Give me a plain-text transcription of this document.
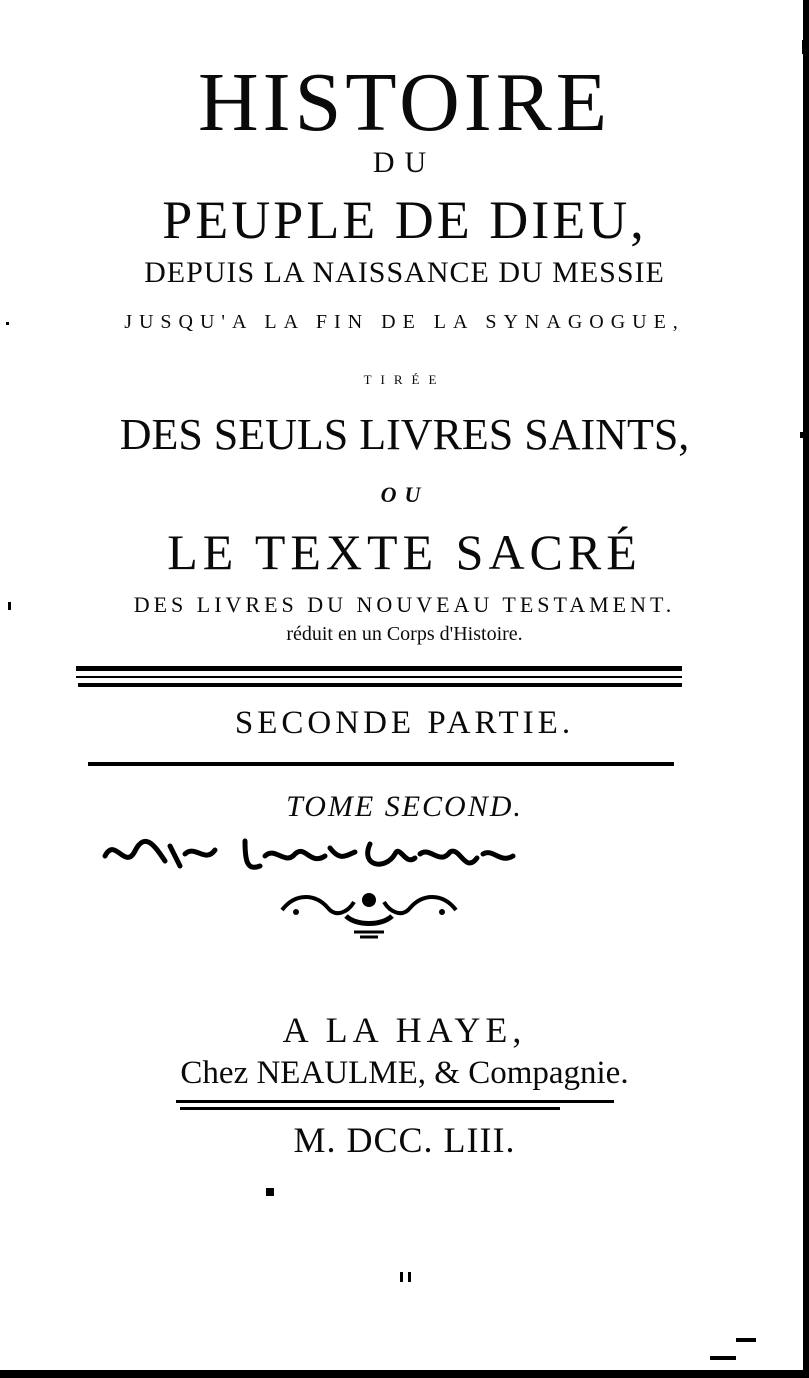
HISTOIRE
DU
PEUPLE DE DIEU,
DEPUIS LA NAISSANCE DU MESSIE
JUSQU'A LA FIN DE LA SYNAGOGUE,
TIRÉE
DES SEULS LIVRES SAINTS,
OU
LE TEXTE SACRÉ
DES LIVRES DU NOUVEAU TESTAMENT.
réduit en un Corps d'Histoire.
SECONDE PARTIE.
TOME SECOND.
A LA HAYE,
Chez NEAULME, & Compagnie.
M. DCC. LIII.
